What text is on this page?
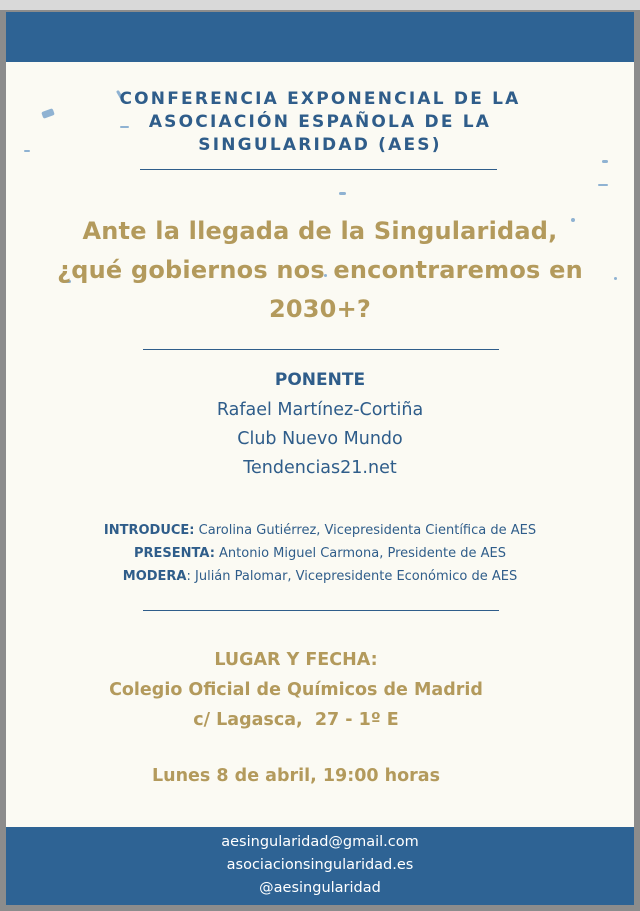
CONFERENCIA EXPONENCIAL DE LA
ASOCIACIÓN ESPAÑOLA DE LA
SINGULARIDAD (AES)
Ante la llegada de la Singularidad,
¿qué gobiernos nos encontraremos en
2030+?
PONENTE
Rafael Martínez-Cortiña
Club Nuevo Mundo
Tendencias21.net
INTRODUCE: Carolina Gutiérrez, Vicepresidenta Científica de AES
PRESENTA: Antonio Miguel Carmona, Presidente de AES
MODERA: Julián Palomar, Vicepresidente Económico de AES
LUGAR Y FECHA:
Colegio Oficial de Químicos de Madrid
c/ Lagasca,  27 - 1º E
Lunes 8 de abril, 19:00 horas
aesingularidad@gmail.com
asociacionsingularidad.es
@aesingularidad
